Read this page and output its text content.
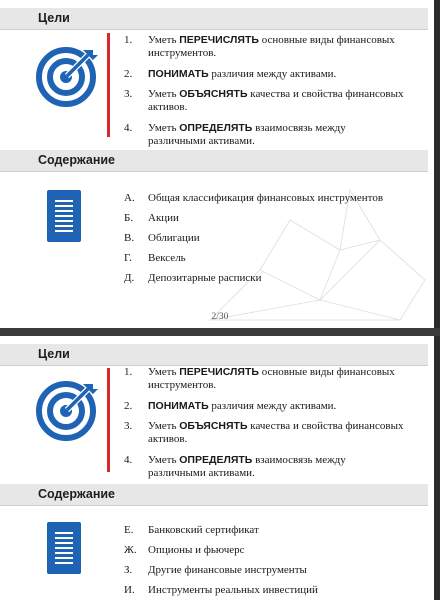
Цели
1. Уметь ПЕРЕЧИСЛЯТЬ основные виды финансовых инструментов.
2. ПОНИМАТЬ различия между активами.
3. Уметь ОБЪЯСНЯТЬ качества и свойства финансовых активов.
4. Уметь ОПРЕДЕЛЯТЬ взаимосвязь между различными активами.
Содержание
А. Общая классификация финансовых инструментов
Б. Акции
В. Облигации
Г. Вексель
Д. Депозитарные расписки
2/30
Цели
1. Уметь ПЕРЕЧИСЛЯТЬ основные виды финансовых инструментов.
2. ПОНИМАТЬ различия между активами.
3. Уметь ОБЪЯСНЯТЬ качества и свойства финансовых активов.
4. Уметь ОПРЕДЕЛЯТЬ взаимосвязь между различными активами.
Содержание
Е. Банковский сертификат
Ж. Опционы и фьючерс
З. Другие финансовые инструменты
И. Инструменты реальных инвестиций
